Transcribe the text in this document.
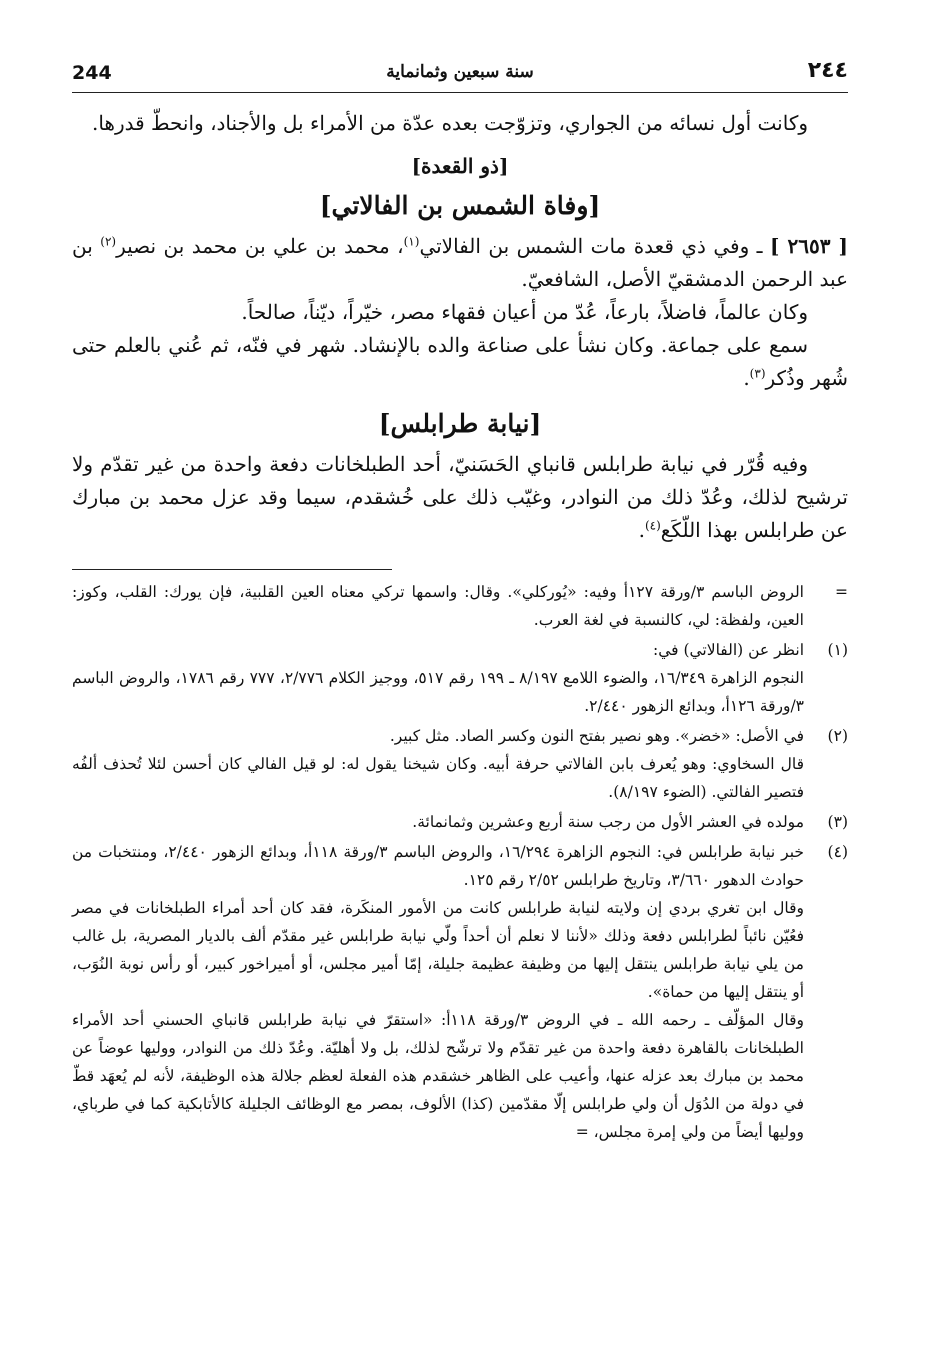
244	سنة سبعين وثمانماية	٢٤٤

وكانت أول نسائه من الجواري، وتزوّجت بعده عدّة من الأمراء بل والأجناد، وانحطّ قدرها.

[ذو القعدة]
[وفاة الشمس بن الفالاتي]

[ ٢٦٥٣ ] ـ وفي ذي قعدة مات الشمس بن الفالاتي$^{(١)}$، محمد بن علي بن محمد بن نصير$^{(٢)}$ بن عبد الرحمن الدمشقيّ الأصل، الشافعيّ.

وكان عالماً، فاضلاً، بارعاً، عُدّ من أعيان فقهاء مصر، خيّراً، ديّناً، صالحاً.

سمع على جماعة. وكان نشأ على صناعة والده بالإنشاد. شهر في فنّه، ثم عُني بالعلم حتى شُهر وذُكر$^{(٣)}$.

[نيابة طرابلس]

وفيه قُرّر في نيابة طرابلس قانباي الحَسَنيّ، أحد الطبلخانات دفعة واحدة من غير تقدّم ولا ترشيح لذلك، وعُدّ ذلك من النوادر، وغيّب ذلك على خُشقدم، سيما وقد عزل محمد بن مبارك عن طرابلس بهذا اللّكَع$^{(٤)}$.

=

الروض الباسم ٣/ورقة ١٢٧أ وفيه: «يُوركلي». وقال: واسمها تركي معناه العين القلبية، فإن يورك: القلب، وكوز: العين، ولفظة: لي، كالنسبة في لغة العرب.

(١)

انظر عن (الفالاتي) في:

النجوم الزاهرة ١٦/٣٤٩، والضوء اللامع ٨/١٩٧ ـ ١٩٩ رقم ٥١٧، ووجيز الكلام ٢/٧٧٦، ٧٧٧ رقم ١٧٨٦، والروض الباسم ٣/ورقة ١٢٦أ، وبدائع الزهور ٢/٤٤٠.

(٢)

في الأصل: «خضر». وهو نصير بفتح النون وكسر الصاد. مثل كبير.

قال السخاوي: وهو يُعرف بابن الفالاتي حرفة أبيه. وكان شيخنا يقول له: لو قيل الفالي كان أحسن لئلا تُحذف ألفُه فتصير الفالتي. (الضوء ٨/١٩٧).

(٣)

مولده في العشر الأول من رجب سنة أربع وعشرين وثمانمائة.

(٤)

خبر نيابة طرابلس في: النجوم الزاهرة ١٦/٢٩٤، والروض الباسم ٣/ورقة ١١٨أ، وبدائع الزهور ٢/٤٤٠، ومنتخبات من حوادث الدهور ٣/٦٦٠، وتاريخ طرابلس ٢/٥٢ رقم ١٢٥.

وقال ابن تغري بردي إن ولايته لنيابة طرابلس كانت من الأمور المنكَرة، فقد كان أحد أمراء الطبلخانات في مصر فعُيّن نائباً لطرابلس دفعة وذلك «لأننا لا نعلم أن أحداً ولّي نيابة طرابلس غير مقدّم ألف بالديار المصرية، بل غالب من يلي نيابة طرابلس ينتقل إليها من وظيفة عظيمة جليلة، إمّا أمير مجلس، أو أميراخور كبير، أو رأس نوبة النُوَب، أو ينتقل إليها من حماة».

وقال المؤلّف ـ رحمه الله ـ في الروض ٣/ورقة ١١٨أ: «استقرّ في نيابة طرابلس قانباي الحسني أحد الأمراء الطبلخانات بالقاهرة دفعة واحدة من غير تقدّم ولا ترشّح لذلك، بل ولا أهليّة. وعُدّ ذلك من النوادر، ووليها عوضاً عن محمد بن مبارك بعد عزله عنها، وأعيب على الظاهر خشقدم هذه الفعلة لعظم جلالة هذه الوظيفة، لأنه لم يُعهَد قطّ في دولة من الدُوَل أن ولي طرابلس إلّا مقدّمين (كذا) الألوف، بمصر مع الوظائف الجليلة كالأتابكية كما في طرباي، ووليها أيضاً من ولي إمرة مجلس، =
